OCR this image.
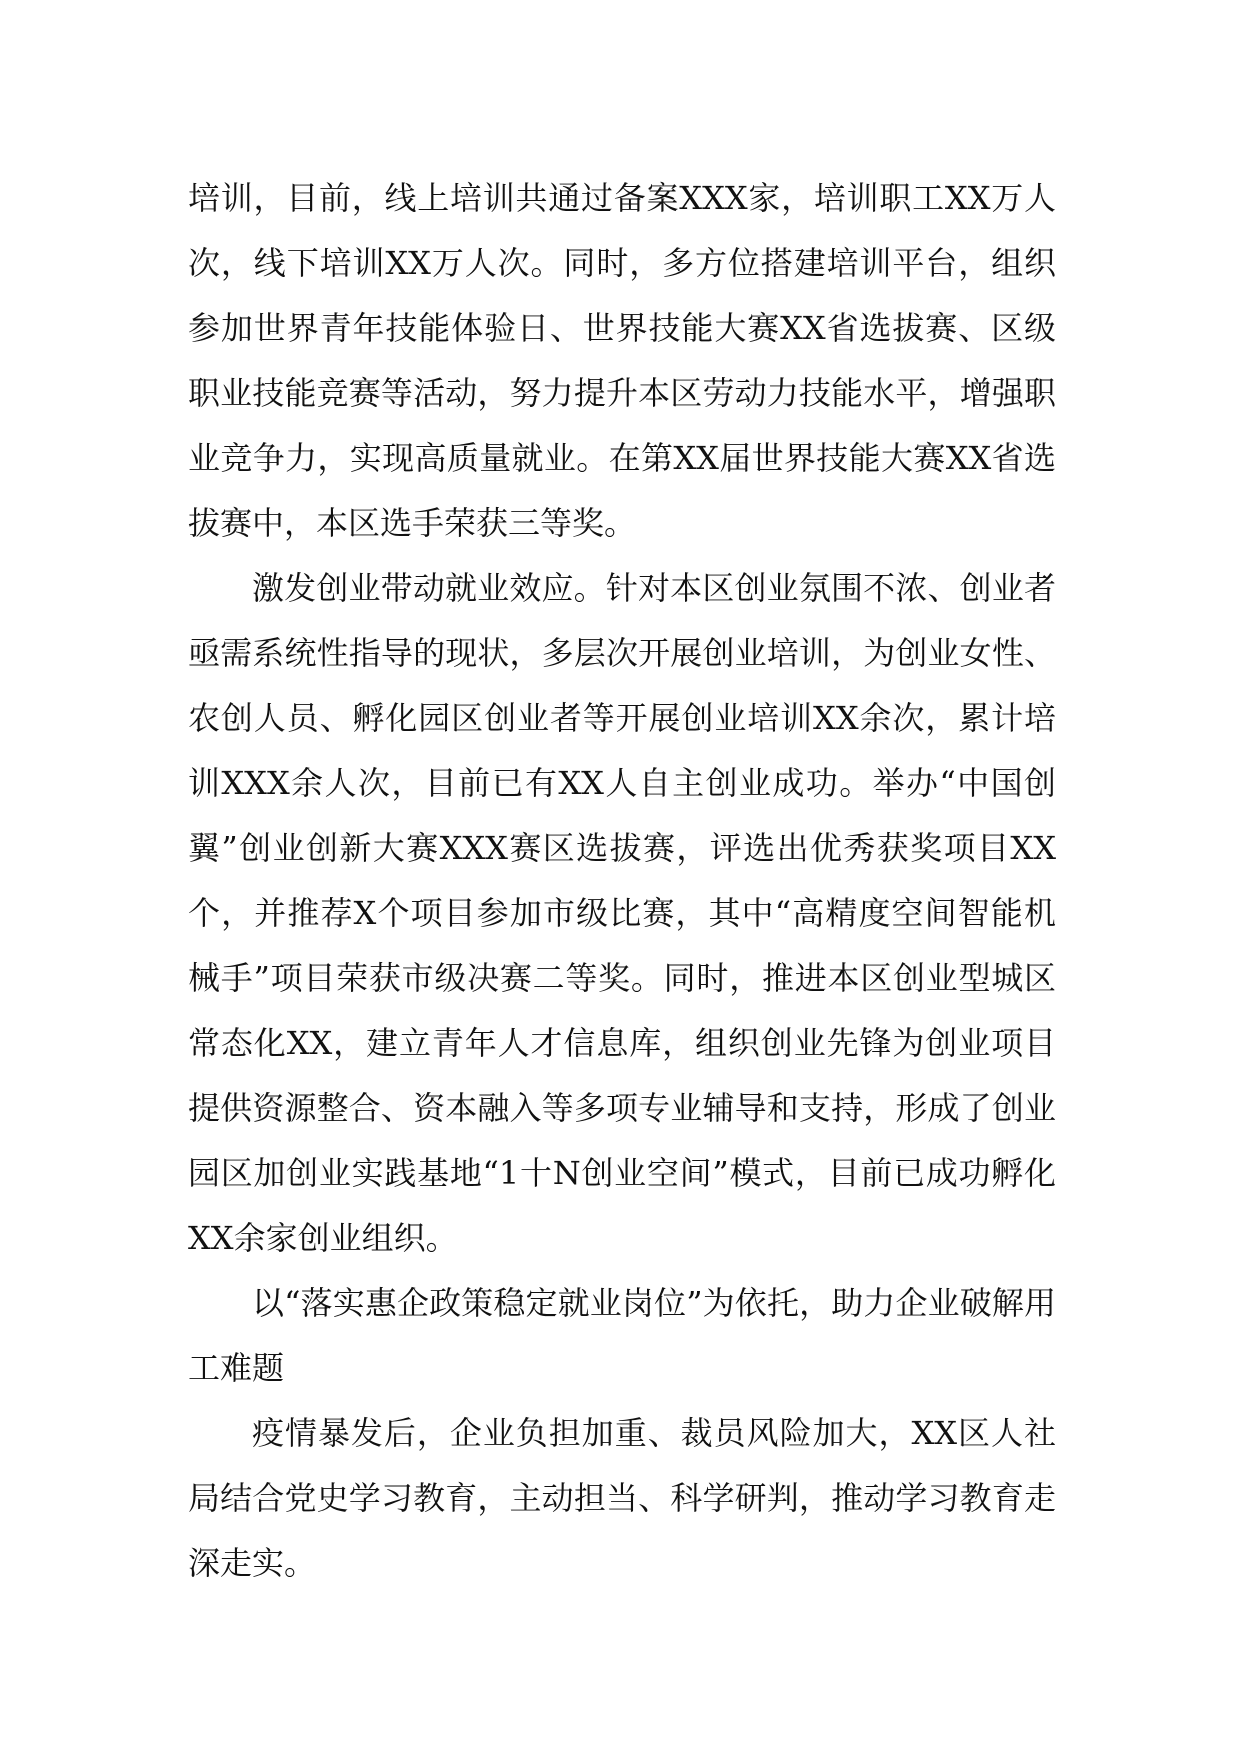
培训，目前，线上培训共通过备案XXX家，培训职工XX万人次，线下培训XX万人次。同时，多方位搭建培训平台，组织参加世界青年技能体验日、世界技能大赛XX省选拔赛、区级职业技能竞赛等活动，努力提升本区劳动力技能水平，增强职业竞争力，实现高质量就业。在第XX届世界技能大赛XX省选拔赛中，本区选手荣获三等奖。

激发创业带动就业效应。针对本区创业氛围不浓、创业者亟需系统性指导的现状，多层次开展创业培训，为创业女性、农创人员、孵化园区创业者等开展创业培训XX余次，累计培训XXX余人次，目前已有XX人自主创业成功。举办“中国创翼”创业创新大赛XXX赛区选拔赛，评选出优秀获奖项目XX个，并推荐X个项目参加市级比赛，其中“高精度空间智能机械手”项目荣获市级决赛二等奖。同时，推进本区创业型城区常态化XX，建立青年人才信息库，组织创业先锋为创业项目提供资源整合、资本融入等多项专业辅导和支持，形成了创业园区加创业实践基地“1十N创业空间”模式，目前已成功孵化XX余家创业组织。

以“落实惠企政策稳定就业岗位”为依托，助力企业破解用工难题

疫情暴发后，企业负担加重、裁员风险加大，XX区人社局结合党史学习教育，主动担当、科学研判，推动学习教育走深走实。
